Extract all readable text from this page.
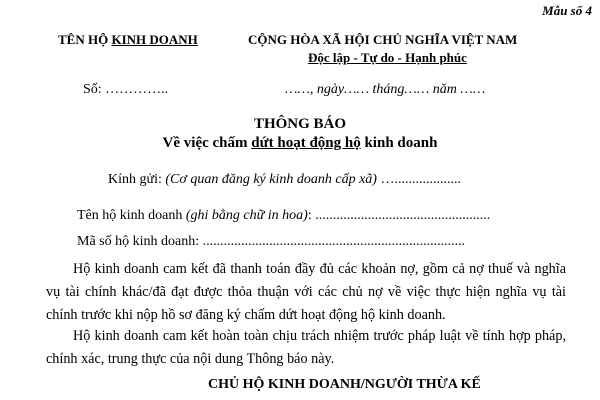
Mẫu số 4
TÊN HỘ KINH DOANH	CỘNG HÒA XÃ HỘI CHỦ NGHĨA VIỆT NAM
Độc lập - Tự do - Hạnh phúc
Số: …………..	……, ngày…… tháng…… năm ……
THÔNG BÁO
Về việc chấm dứt hoạt động hộ kinh doanh
Kính gửi: (Cơ quan đăng ký kinh doanh cấp xã) …...................
Tên hộ kinh doanh (ghi bằng chữ in hoa): ..................................................
Mã số hộ kinh doanh: ...........................................................................
Hộ kinh doanh cam kết đã thanh toán đầy đủ các khoản nợ, gồm cả nợ thuế và nghĩa vụ tài chính khác/đã đạt được thỏa thuận với các chủ nợ về việc thực hiện nghĩa vụ tài chính trước khi nộp hồ sơ đăng ký chấm dứt hoạt động hộ kinh doanh.
Hộ kinh doanh cam kết hoàn toàn chịu trách nhiệm trước pháp luật về tính hợp pháp, chính xác, trung thực của nội dung Thông báo này.
CHỦ HỘ KINH DOANH/NGƯỜI THỪA KẾ
